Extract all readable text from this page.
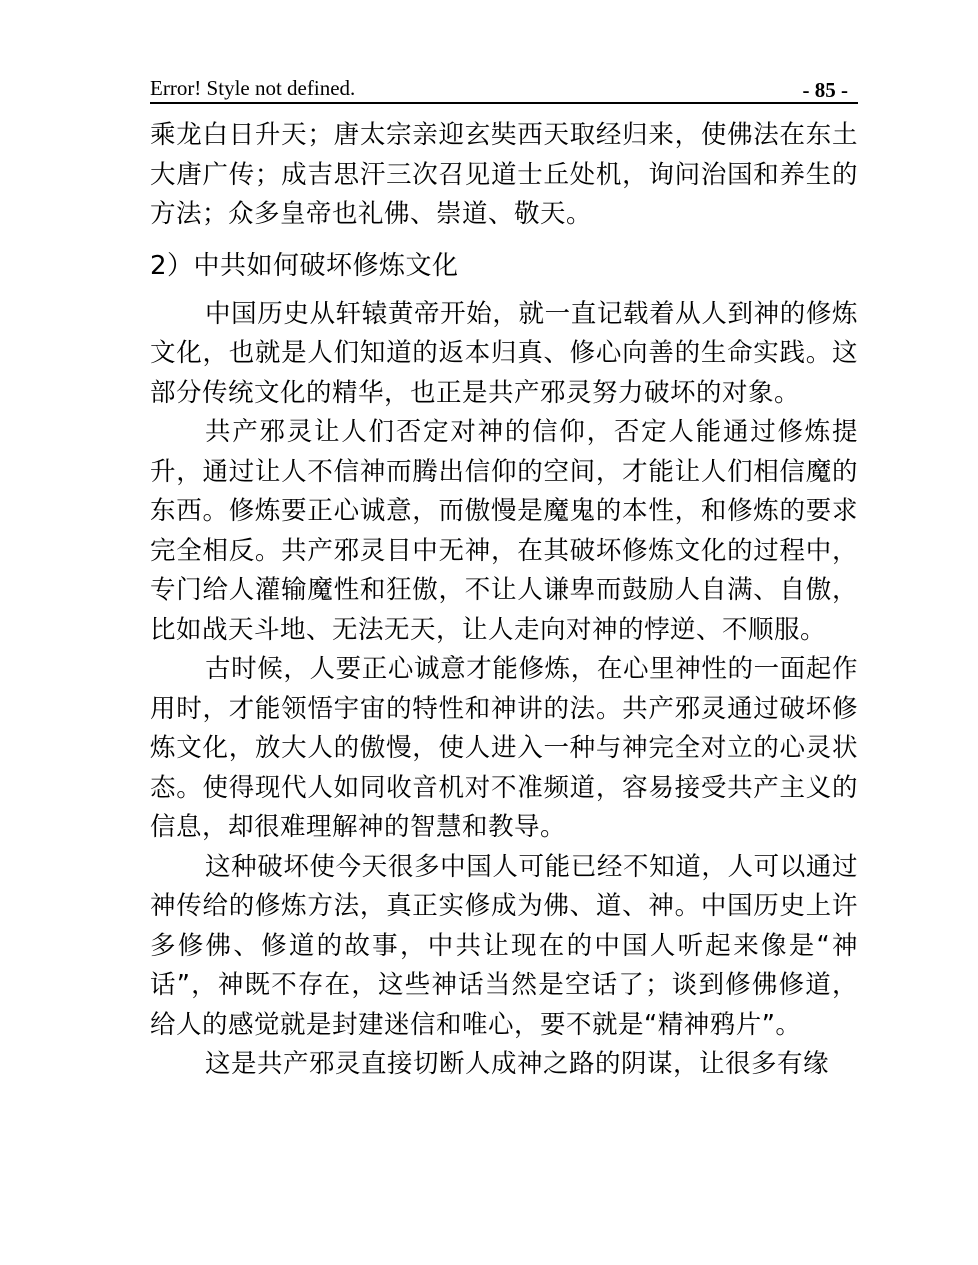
Error! Style not defined.	- 85 -

乘龙白日升天；唐太宗亲迎玄奘西天取经归来，使佛法在东土大唐广传；成吉思汗三次召见道士丘处机，询问治国和养生的方法；众多皇帝也礼佛、崇道、敬天。

2）中共如何破坏修炼文化

中国历史从轩辕黄帝开始，就一直记载着从人到神的修炼文化，也就是人们知道的返本归真、修心向善的生命实践。这部分传统文化的精华，也正是共产邪灵努力破坏的对象。

共产邪灵让人们否定对神的信仰，否定人能通过修炼提升，通过让人不信神而腾出信仰的空间，才能让人们相信魔的东西。修炼要正心诚意，而傲慢是魔鬼的本性，和修炼的要求完全相反。共产邪灵目中无神，在其破坏修炼文化的过程中，专门给人灌输魔性和狂傲，不让人谦卑而鼓励人自满、自傲，比如战天斗地、无法无天，让人走向对神的悖逆、不顺服。

古时候，人要正心诚意才能修炼，在心里神性的一面起作用时，才能领悟宇宙的特性和神讲的法。共产邪灵通过破坏修炼文化，放大人的傲慢，使人进入一种与神完全对立的心灵状态。使得现代人如同收音机对不准频道，容易接受共产主义的信息，却很难理解神的智慧和教导。

这种破坏使今天很多中国人可能已经不知道，人可以通过神传给的修炼方法，真正实修成为佛、道、神。中国历史上许多修佛、修道的故事，中共让现在的中国人听起来像是“神话”，神既不存在，这些神话当然是空话了；谈到修佛修道，给人的感觉就是封建迷信和唯心，要不就是“精神鸦片”。

这是共产邪灵直接切断人成神之路的阴谋，让很多有缘
